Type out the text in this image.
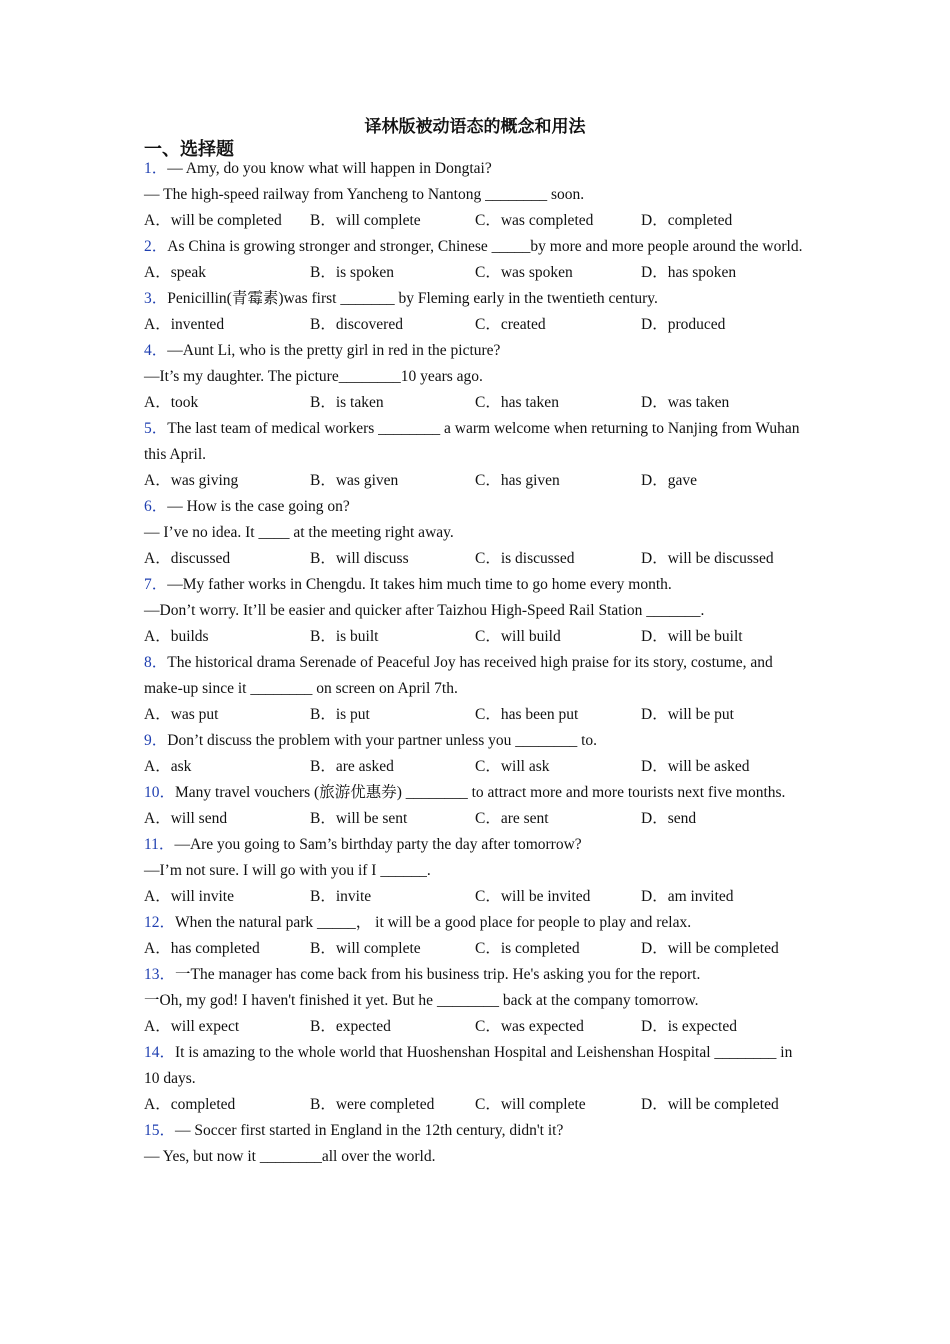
译林版被动语态的概念和用法
一、选择题
1．— Amy, do you know what will happen in Dongtai?
— The high-speed railway from Yancheng to Nantong ________ soon.
A．will be completed B．will complete	C．was completed	D．completed
2．As China is growing stronger and stronger, Chinese _____by more and more people around the world.
A．speak	B．is spoken	C．was spoken	D．has spoken
3．Penicillin(青霉素)was first _______ by Fleming early in the twentieth century.
A．invented	B．discovered	C．created	D．produced
4．—Aunt Li, who is the pretty girl in red in the picture?
—It’s my daughter. The picture________10 years ago.
A．took	B．is taken	C．has taken	D．was taken
5．The last team of medical workers ________ a warm welcome when returning to Nanjing from Wuhan this April.
A．was giving	B．was given	C．has given	D．gave
6．— How is the case going on?
— I’ve no idea. It ____ at the meeting right away.
A．discussed	B．will discuss	C．is discussed	D．will be discussed
7．—My father works in Chengdu. It takes him much time to go home every month.
—Don’t worry. It’ll be easier and quicker after Taizhou High-Speed Rail Station _______.
A．builds	B．is built	C．will build	D．will be built
8．The historical drama Serenade of Peaceful Joy has received high praise for its story, costume, and make-up since it ________ on screen on April 7th.
A．was put	B．is put	C．has been put	D．will be put
9．Don’t discuss the problem with your partner unless you ________ to.
A．ask	B．are asked	C．will ask	D．will be asked
10．Many travel vouchers (旅游优惠券) ________ to attract more and more tourists next five months.
A．will send	B．will be sent	C．are sent	D．send
11．—Are you going to Sam’s birthday party the day after tomorrow?
—I’m not sure. I will go with you if I ______.
A．will invite	B．invite	C．will be invited	D．am invited
12．When the natural park _____， it will be a good place for people to play and relax.
A．has completed	B．will complete	C．is completed	D．will be completed
13．一The manager has come back from his business trip. He's asking you for the report.
一Oh, my god! I haven't finished it yet. But he ________ back at the company tomorrow.
A．will expect	B．expected	C．was expected	D．is expected
14．It is amazing to the whole world that Huoshenshan Hospital and Leishenshan Hospital ________ in 10 days.
A．completed	B．were completed	C．will complete	D．will be completed
15．— Soccer first started in England in the 12th century, didn't it?
— Yes, but now it ________all over the world.
